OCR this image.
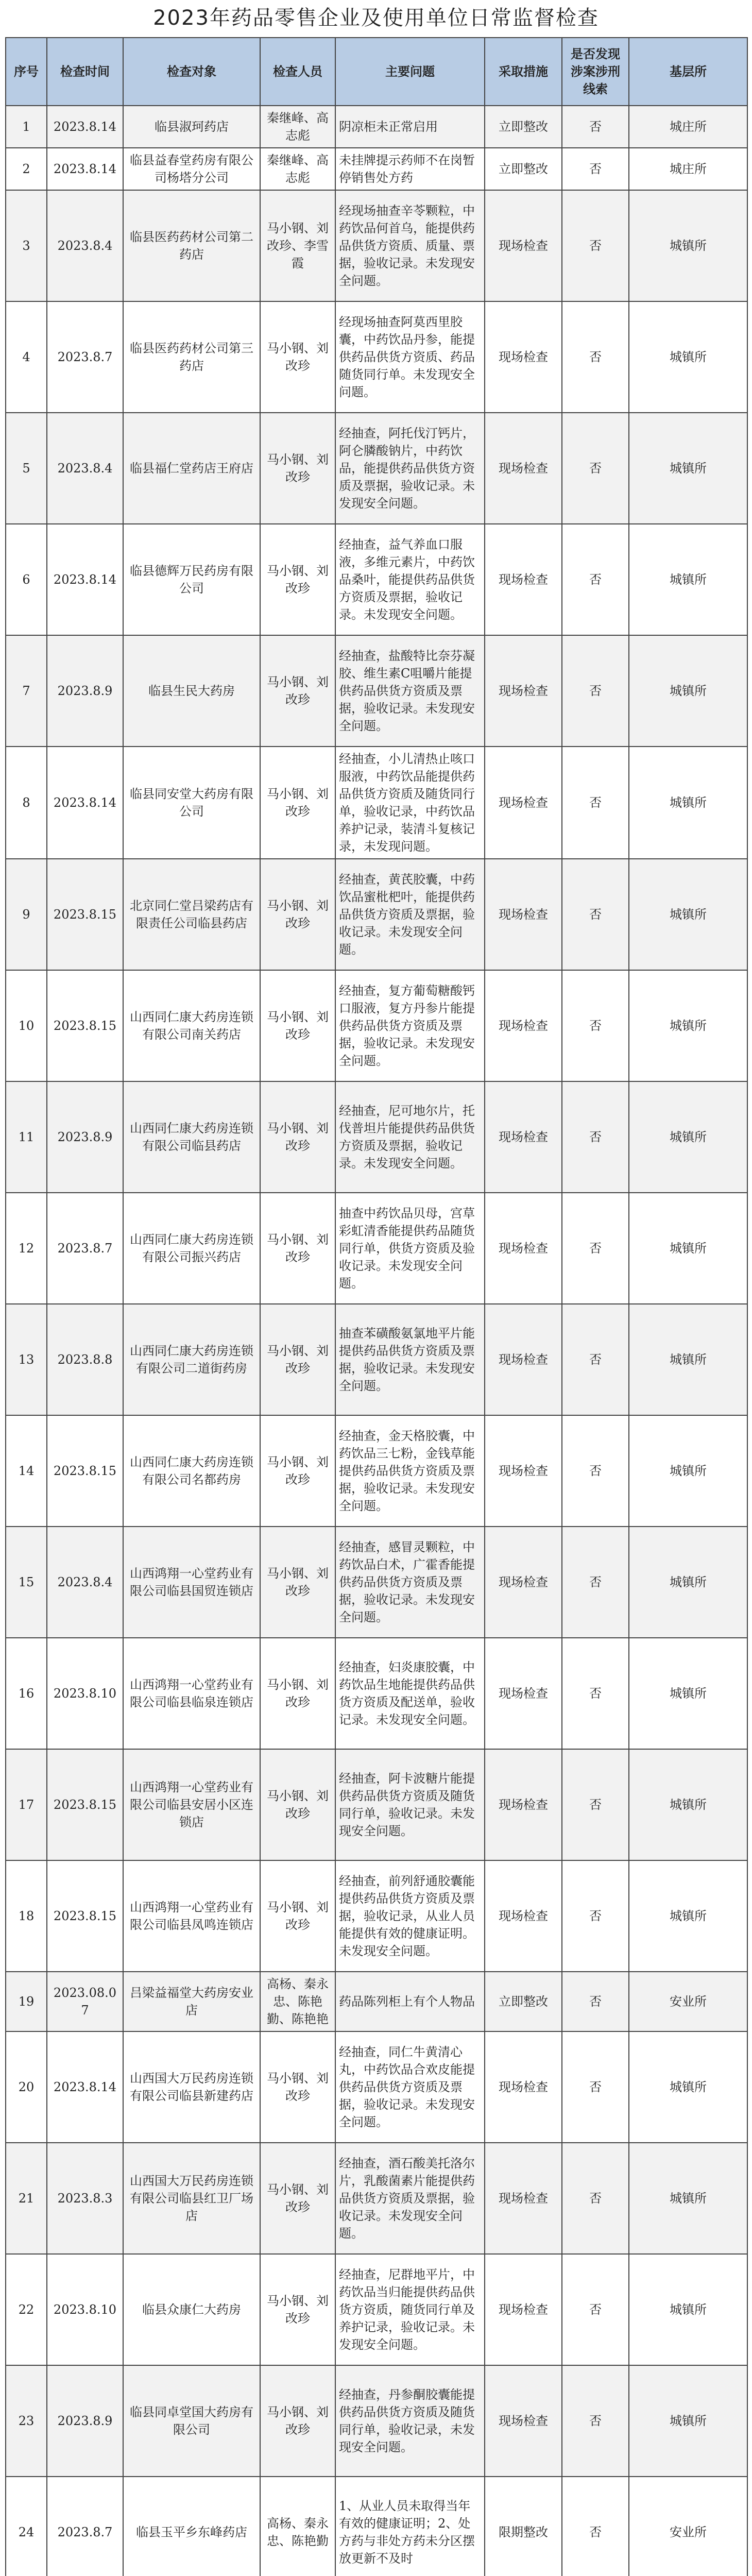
2023年药品零售企业及使用单位日常监督检查
序号	检查时间	检查对象	检查人员	主要问题	采取措施	是否发现涉案涉刑线索	基层所
1	2023.8.14	临县淑珂药店	秦继峰、高志彪	阴凉柜未正常启用	立即整改	否	城庄所
2	2023.8.14	临县益春堂药房有限公司杨塔分公司	秦继峰、高志彪	未挂牌提示药师不在岗暂停销售处方药	立即整改	否	城庄所
3	2023.8.4	临县医药药材公司第二药店	马小钢、刘改珍、李雪霞	经现场抽查辛苓颗粒，中药饮品何首乌，能提供药品供货方资质、质量、票据，验收记录。未发现安全问题。	现场检查	否	城镇所
4	2023.8.7	临县医药药材公司第三药店	马小钢、刘改珍	经现场抽查阿莫西里胶囊，中药饮品丹参，能提供药品供货方资质、药品随货同行单。未发现安全问题。	现场检查	否	城镇所
5	2023.8.4	临县福仁堂药店王府店	马小钢、刘改珍	经抽查，阿托伐汀钙片，阿仑膦酸钠片，中药饮品，能提供药品供货方资质及票据，验收记录。未发现安全问题。	现场检查	否	城镇所
6	2023.8.14	临县德辉万民药房有限公司	马小钢、刘改珍	经抽查，益气养血口服液，多维元素片，中药饮品桑叶，能提供药品供货方资质及票据，验收记录。未发现安全问题。	现场检查	否	城镇所
7	2023.8.9	临县生民大药房	马小钢、刘改珍	经抽查，盐酸特比奈芬凝胶、维生素C咀嚼片能提供药品供货方资质及票据，验收记录。未发现安全问题。	现场检查	否	城镇所
8	2023.8.14	临县同安堂大药房有限公司	马小钢、刘改珍	经抽查，小儿清热止咳口服液，中药饮品能提供药品供货方资质及随货同行单，验收记录，中药饮品养护记录，装清斗复核记录，未发现问题。	现场检查	否	城镇所
9	2023.8.15	北京同仁堂吕梁药店有限责任公司临县药店	马小钢、刘改珍	经抽查，黄芪胶囊，中药饮品蜜枇杷叶，能提供药品供货方资质及票据，验收记录。未发现安全问题。	现场检查	否	城镇所
10	2023.8.15	山西同仁康大药房连锁有限公司南关药店	马小钢、刘改珍	经抽查，复方葡萄糖酸钙口服液，复方丹参片能提供药品供货方资质及票据，验收记录。未发现安全问题。	现场检查	否	城镇所
11	2023.8.9	山西同仁康大药房连锁有限公司临县药店	马小钢、刘改珍	经抽查，尼可地尔片，托伐普坦片能提供药品供货方资质及票据，验收记录。未发现安全问题。	现场检查	否	城镇所
12	2023.8.7	山西同仁康大药房连锁有限公司振兴药店	马小钢、刘改珍	抽查中药饮品贝母，宫草彩虹清香能提供药品随货同行单，供货方资质及验收记录。未发现安全问题。	现场检查	否	城镇所
13	2023.8.8	山西同仁康大药房连锁有限公司二道街药房	马小钢、刘改珍	抽查苯磺酸氨氯地平片能提供药品供货方资质及票据，验收记录。未发现安全问题。	现场检查	否	城镇所
14	2023.8.15	山西同仁康大药房连锁有限公司名都药房	马小钢、刘改珍	经抽查，金天格胶囊，中药饮品三七粉，金钱草能提供药品供货方资质及票据，验收记录。未发现安全问题。	现场检查	否	城镇所
15	2023.8.4	山西鸿翔一心堂药业有限公司临县国贸连锁店	马小钢、刘改珍	经抽查，感冒灵颗粒，中药饮品白术，广霍香能提供药品供货方资质及票据，验收记录。未发现安全问题。	现场检查	否	城镇所
16	2023.8.10	山西鸿翔一心堂药业有限公司临县临泉连锁店	马小钢、刘改珍	经抽查，妇炎康胶囊，中药饮品生地能提供药品供货方资质及配送单，验收记录。未发现安全问题。	现场检查	否	城镇所
17	2023.8.15	山西鸿翔一心堂药业有限公司临县安居小区连锁店	马小钢、刘改珍	经抽查，阿卡波糖片能提供药品供货方资质及随货同行单，验收记录。未发现安全问题。	现场检查	否	城镇所
18	2023.8.15	山西鸿翔一心堂药业有限公司临县凤鸣连锁店	马小钢、刘改珍	经抽查，前列舒通胶囊能提供药品供货方资质及票据，验收记录，从业人员能提供有效的健康证明。未发现安全问题。	现场检查	否	城镇所
19	2023.08.07	吕梁益福堂大药房安业店	高杨、秦永忠、陈艳勤、陈艳艳	药品陈列柜上有个人物品	立即整改	否	安业所
20	2023.8.14	山西国大万民药房连锁有限公司临县新建药店	马小钢、刘改珍	经抽查，同仁牛黄清心丸，中药饮品合欢皮能提供药品供货方资质及票据，验收记录。未发现安全问题。	现场检查	否	城镇所
21	2023.8.3	山西国大万民药房连锁有限公司临县红卫厂场店	马小钢、刘改珍	经抽查，酒石酸美托洛尔片，乳酸菌素片能提供药品供货方资质及票据，验收记录。未发现安全问题。	现场检查	否	城镇所
22	2023.8.10	临县众康仁大药房	马小钢、刘改珍	经抽查，尼群地平片，中药饮品当归能提供药品供货方资质，随货同行单及养护记录，验收记录。未发现安全问题。	现场检查	否	城镇所
23	2023.8.9	临县同卓堂国大药房有限公司	马小钢、刘改珍	经抽查，丹参酮胶囊能提供药品供货方资质及随货同行单，验收记录，未发现安全问题。	现场检查	否	城镇所
24	2023.8.7	临县玉平乡东峰药店	高杨、秦永忠、陈艳勤	1、从业人员未取得当年有效的健康证明；2、处方药与非处方药未分区摆放更新不及时	限期整改	否	安业所
